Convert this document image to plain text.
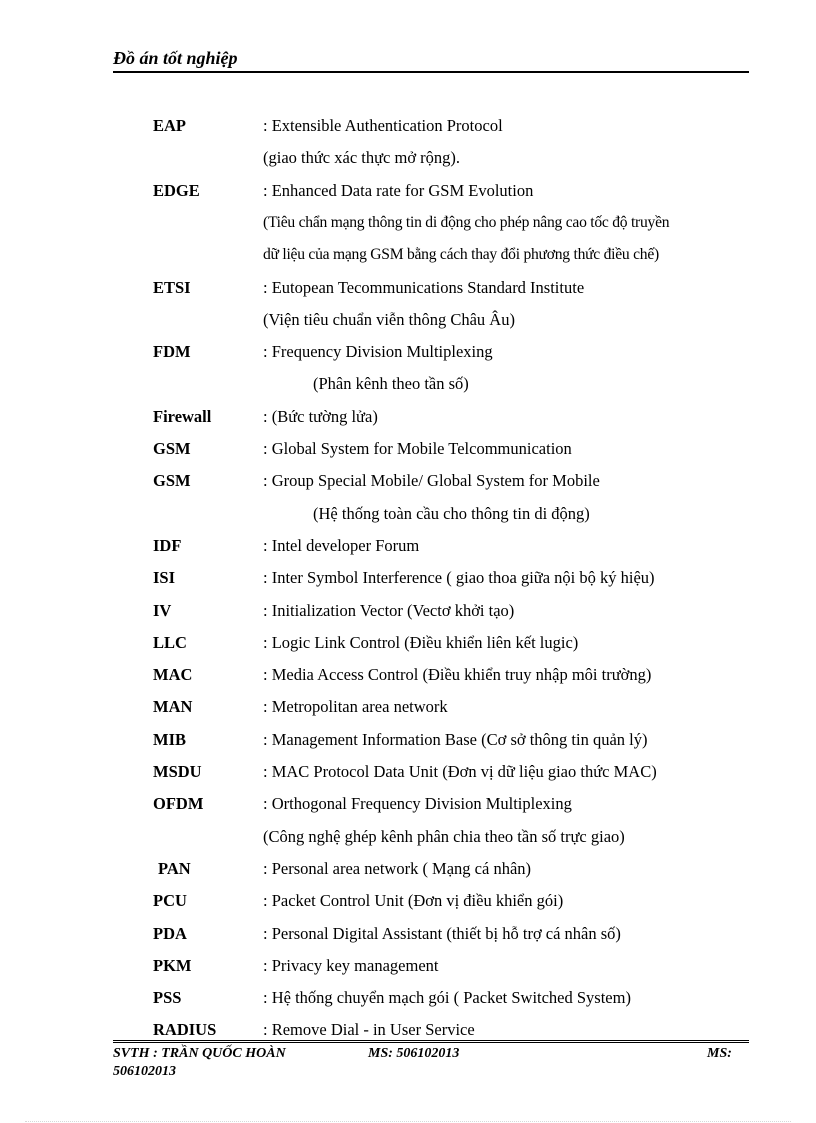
Đồ án tốt nghiệp
EAP	: Extensible Authentication Protocol
(giao thức xác thực mở rộng).
EDGE	: Enhanced Data rate for GSM Evolution
(Tiêu chẩn mạng thông tin di động cho phép nâng cao tốc độ truyền
dữ liệu của mạng GSM bằng cách thay đổi phương thức điều chế)
ETSI	: Eutopean Tecommunications Standard Institute
(Viện tiêu chuẩn viễn thông Châu Âu)
FDM	: Frequency Division Multiplexing
(Phân kênh theo tần số)
Firewall	: (Bức tường lửa)
GSM	: Global System for Mobile Telcommunication
GSM	: Group Special Mobile/ Global System for Mobile
(Hệ thống toàn cầu cho thông tin di động)
IDF	: Intel developer Forum
ISI	: Inter Symbol Interference ( giao thoa giữa nội bộ ký hiệu)
IV	: Initialization Vector (Vectơ khởi tạo)
LLC	: Logic Link Control (Điều khiển liên kết lugic)
MAC	: Media Access Control (Điều khiển truy nhập môi trường)
MAN	: Metropolitan area network
MIB	: Management Information Base (Cơ sở thông tin quản lý)
MSDU	: MAC Protocol Data Unit (Đơn vị dữ liệu giao thức MAC)
OFDM	: Orthogonal Frequency Division Multiplexing
(Công nghệ ghép kênh phân chia theo tần số trực giao)
PAN	: Personal area network ( Mạng cá nhân)
PCU	: Packet Control Unit (Đơn vị điều khiển gói)
PDA	: Personal Digital Assistant (thiết bị hỗ trợ cá nhân số)
PKM	: Privacy key management
PSS	: Hệ thống chuyển mạch gói ( Packet Switched System)
RADIUS	: Remove Dial - in User Service
SVTH : TRẦN QUỐC HOÀN	MS: 506102013	MS:
506102013
